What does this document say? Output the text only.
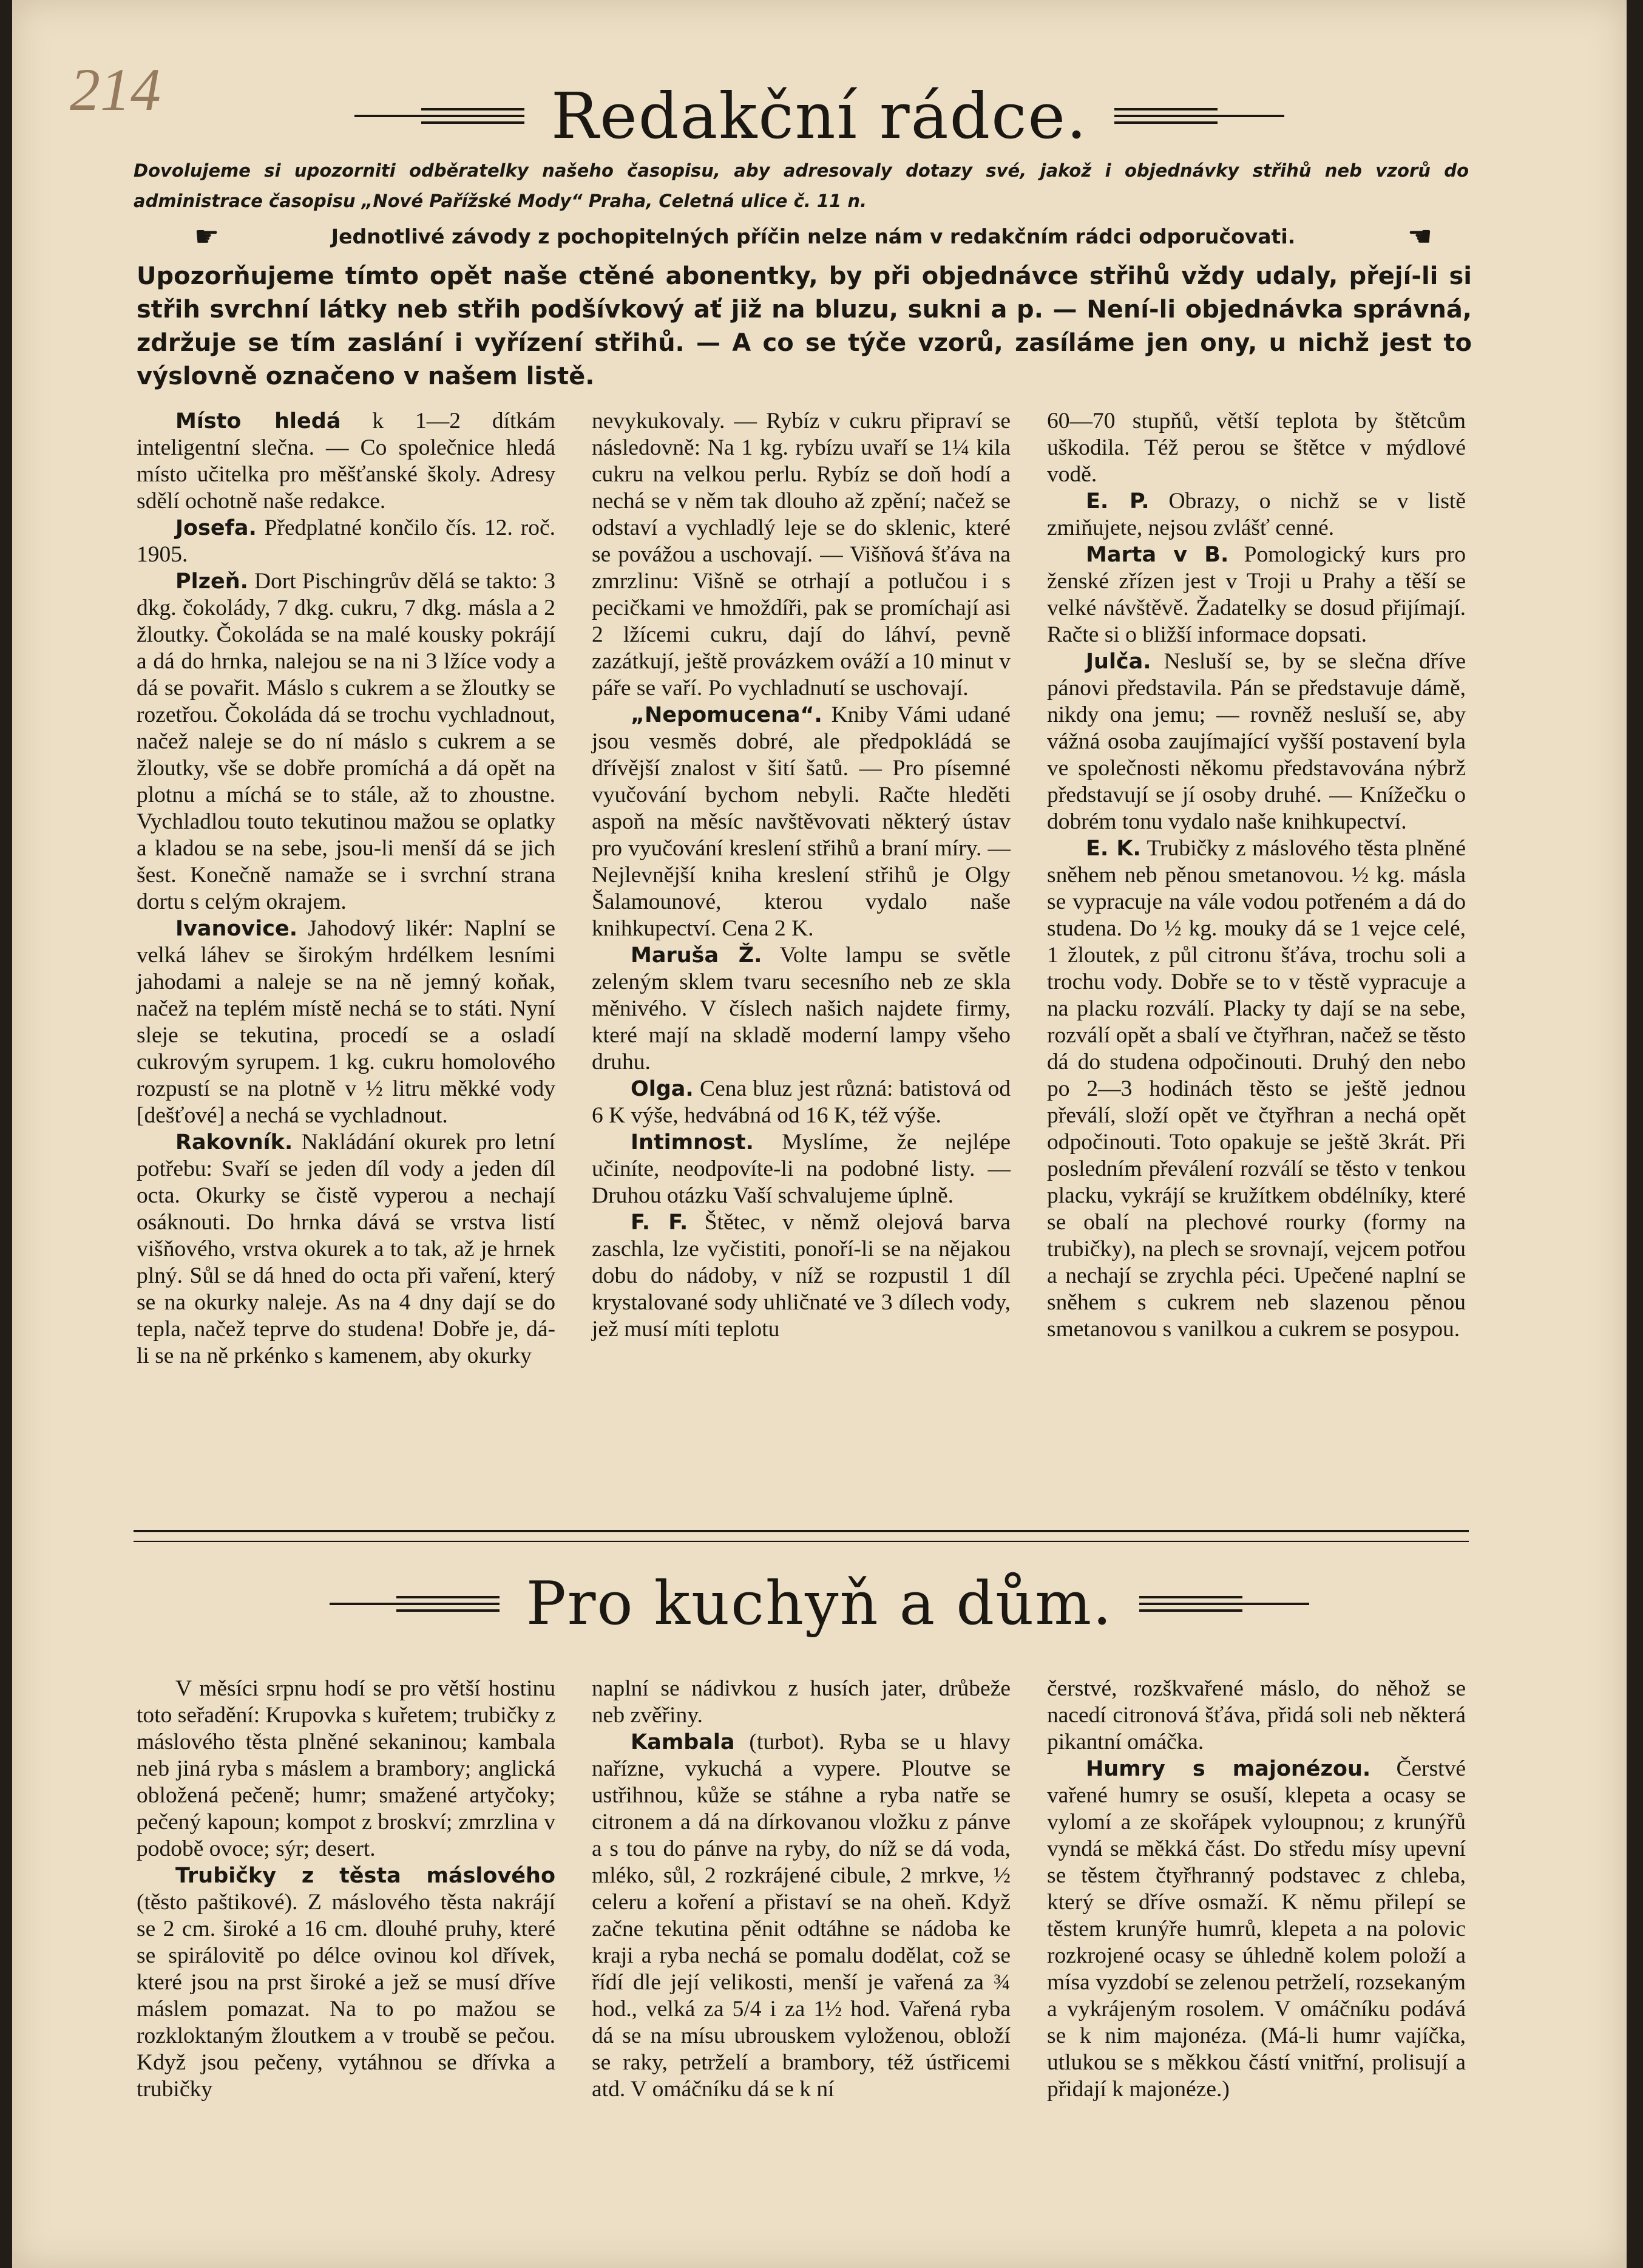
214	Redakční rádce.
Dovolujeme si upozorniti odběratelky našeho časopisu, aby adresovaly dotazy své, jakož i objednávky střihů neb vzorů do administrace časopisu „Nové Pařížské Mody“ Praha, Celetná ulice č. 11 n.
☛	Jednotlivé závody z pochopitelných příčin nelze nám v redakčním rádci odporučovati.	☚
Upozorňujeme tímto opět naše ctěné abonentky, by při objednávce střihů vždy udaly, přejí-li si střih svrchní látky neb střih podšívkový ať již na bluzu, sukni a p. — Není-li objednávka správná, zdržuje se tím zaslání i vyřízení střihů. — A co se týče vzorů, zasíláme jen ony, u nichž jest to výslovně označeno v našem listě.

Místo hledá k 1—2 dítkám inteligentní slečna. — Co společnice hledá místo učitelka pro měšťanské školy. Adresy sdělí ochotně naše redakce.

Josefa. Předplatné končilo čís. 12. roč. 1905.

Plzeň. Dort Pischingrův dělá se takto: 3 dkg. čokolády, 7 dkg. cukru, 7 dkg. másla a 2 žloutky. Čokoláda se na malé kousky pokrájí a dá do hrnka, nalejou se na ni 3 lžíce vody a dá se povařit. Máslo s cukrem a se žloutky se rozetřou. Čokoláda dá se trochu vychladnout, načež naleje se do ní máslo s cukrem a se žloutky, vše se dobře promíchá a dá opět na plotnu a míchá se to stále, až to zhoustne. Vychladlou touto tekutinou mažou se oplatky a kladou se na sebe, jsou-li menší dá se jich šest. Konečně namaže se i svrchní strana dortu s celým okrajem.

Ivanovice. Jahodový likér: Naplní se velká láhev se širokým hrdélkem lesními jahodami a naleje se na ně jemný koňak, načež na teplém místě nechá se to státi. Nyní sleje se tekutina, procedí se a osladí cukrovým syrupem. 1 kg. cukru homolového rozpustí se na plotně v ½ litru měkké vody [dešťové] a nechá se vychladnout.

Rakovník. Nakládání okurek pro letní potřebu: Svaří se jeden díl vody a jeden díl octa. Okurky se čistě vyperou a nechají osáknouti. Do hrnka dává se vrstva listí višňového, vrstva okurek a to tak, až je hrnek plný. Sůl se dá hned do octa při vaření, který se na okurky naleje. As na 4 dny dají se do tepla, načež teprve do studena! Dobře je, dá-li se na ně prkénko s kamenem, aby okurky

nevykukovaly. — Rybíz v cukru připraví se následovně: Na 1 kg. rybízu uvaří se 1¼ kila cukru na velkou perlu. Rybíz se doň hodí a nechá se v něm tak dlouho až zpění; načež se odstaví a vychladlý leje se do sklenic, které se povážou a uschovají. — Višňová šťáva na zmrzlinu: Višně se otrhají a potlučou i s pecičkami ve hmoždíři, pak se promíchají asi 2 lžícemi cukru, dají do láhví, pevně zazátkují, ještě provázkem ováží a 10 minut v páře se vaří. Po vychladnutí se uschovají.

„Nepomucena“. Kniby Vámi udané jsou vesměs dobré, ale předpokládá se dřívější znalost v šití šatů. — Pro písemné vyučování bychom nebyli. Račte hleděti aspoň na měsíc navštěvovati některý ústav pro vyučování kreslení střihů a braní míry. — Nejlevnější kniha kreslení střihů je Olgy Šalamounové, kterou vydalo naše knihkupectví. Cena 2 K.

Maruša Ž. Volte lampu se světle zeleným sklem tvaru secesního neb ze skla měnivého. V číslech našich najdete firmy, které mají na skladě moderní lampy všeho druhu.

Olga. Cena bluz jest různá: batistová od 6 K výše, hedvábná od 16 K, též výše.

Intimnost. Myslíme, že nejlépe učiníte, neodpovíte-li na podobné listy. — Druhou otázku Vaší schvalujeme úplně.

F. F. Štětec, v němž olejová barva zaschla, lze vyčistiti, ponoří-li se na nějakou dobu do nádoby, v níž se rozpustil 1 díl krystalované sody uhličnaté ve 3 dílech vody, jež musí míti teplotu

60—70 stupňů, větší teplota by štětcům uškodila. Též perou se štětce v mýdlové vodě.

E. P. Obrazy, o nichž se v listě zmiňujete, nejsou zvlášť cenné.

Marta v B. Pomologický kurs pro ženské zřízen jest v Troji u Prahy a těší se velké návštěvě. Žadatelky se dosud přijímají. Račte si o bližší informace dopsati.

Julča. Nesluší se, by se slečna dříve pánovi představila. Pán se představuje dámě, nikdy ona jemu; — rovněž nesluší se, aby vážná osoba zaujímající vyšší postavení byla ve společnosti někomu představována nýbrž představují se jí osoby druhé. — Knížečku o dobrém tonu vydalo naše knihkupectví.

E. K. Trubičky z máslového těsta plněné sněhem neb pěnou smetanovou. ½ kg. másla se vypracuje na vále vodou potřeném a dá do studena. Do ½ kg. mouky dá se 1 vejce celé, 1 žloutek, z půl citronu šťáva, trochu soli a trochu vody. Dobře se to v těstě vypracuje a na placku rozválí. Placky ty dají se na sebe, rozválí opět a sbalí ve čtyřhran, načež se těsto dá do studena odpočinouti. Druhý den nebo po 2—3 hodinách těsto se ještě jednou převálí, složí opět ve čtyřhran a nechá opět odpočinouti. Toto opakuje se ještě 3krát. Při posledním převálení rozválí se těsto v tenkou placku, vykrájí se kružítkem obdélníky, které se obalí na plechové rourky (formy na trubičky), na plech se srovnají, vejcem potřou a nechají se zrychla péci. Upečené naplní se sněhem s cukrem neb slazenou pěnou smetanovou s vanilkou a cukrem se posypou.

Pro kuchyň a dům.

V měsíci srpnu hodí se pro větší hostinu toto seřadění: Krupovka s kuřetem; trubičky z máslového těsta plněné sekaninou; kambala neb jiná ryba s máslem a brambory; anglická obložená pečeně; humr; smažené artyčoky; pečený kapoun; kompot z broskví; zmrzlina v podobě ovoce; sýr; desert.

Trubičky z těsta máslového (těsto paštikové). Z máslového těsta nakrájí se 2 cm. široké a 16 cm. dlouhé pruhy, které se spirálovitě po délce ovinou kol dřívek, které jsou na prst široké a jež se musí dříve máslem pomazat. Na to po mažou se rozkloktaným žloutkem a v troubě se pečou. Když jsou pečeny, vytáhnou se dřívka a trubičky

naplní se nádivkou z husích jater, drůbeže neb zvěřiny.

Kambala (turbot). Ryba se u hlavy nařízne, vykuchá a vypere. Ploutve se ustřihnou, kůže se stáhne a ryba natře se citronem a dá na dírkovanou vložku z pánve a s tou do pánve na ryby, do níž se dá voda, mléko, sůl, 2 rozkrájené cibule, 2 mrkve, ½ celeru a koření a přistaví se na oheň. Když začne tekutina pěnit odtáhne se nádoba ke kraji a ryba nechá se pomalu dodělat, což se řídí dle její velikosti, menší je vařená za ¾ hod., velká za 5/4 i za 1½ hod. Vařená ryba dá se na mísu ubrouskem vyloženou, obloží se raky, petrželí a brambory, též ústřicemi atd. V omáčníku dá se k ní

čerstvé, rozškvařené máslo, do něhož se nacedí citronová šťáva, přidá soli neb některá pikantní omáčka.

Humry s majonézou. Čerstvé vařené humry se osuší, klepeta a ocasy se vylomí a ze skořápek vyloupnou; z krunýřů vyndá se měkká část. Do středu mísy upevní se těstem čtyřhranný podstavec z chleba, který se dříve osmaží. K němu přilepí se těstem krunýře humrů, klepeta a na polovic rozkrojené ocasy se úhledně kolem položí a mísa vyzdobí se zelenou petrželí, rozsekaným a vykrájeným rosolem. V omáčníku podává se k nim majonéza. (Má-li humr vajíčka, utlukou se s měkkou částí vnitřní, prolisují a přidají k majonéze.)
